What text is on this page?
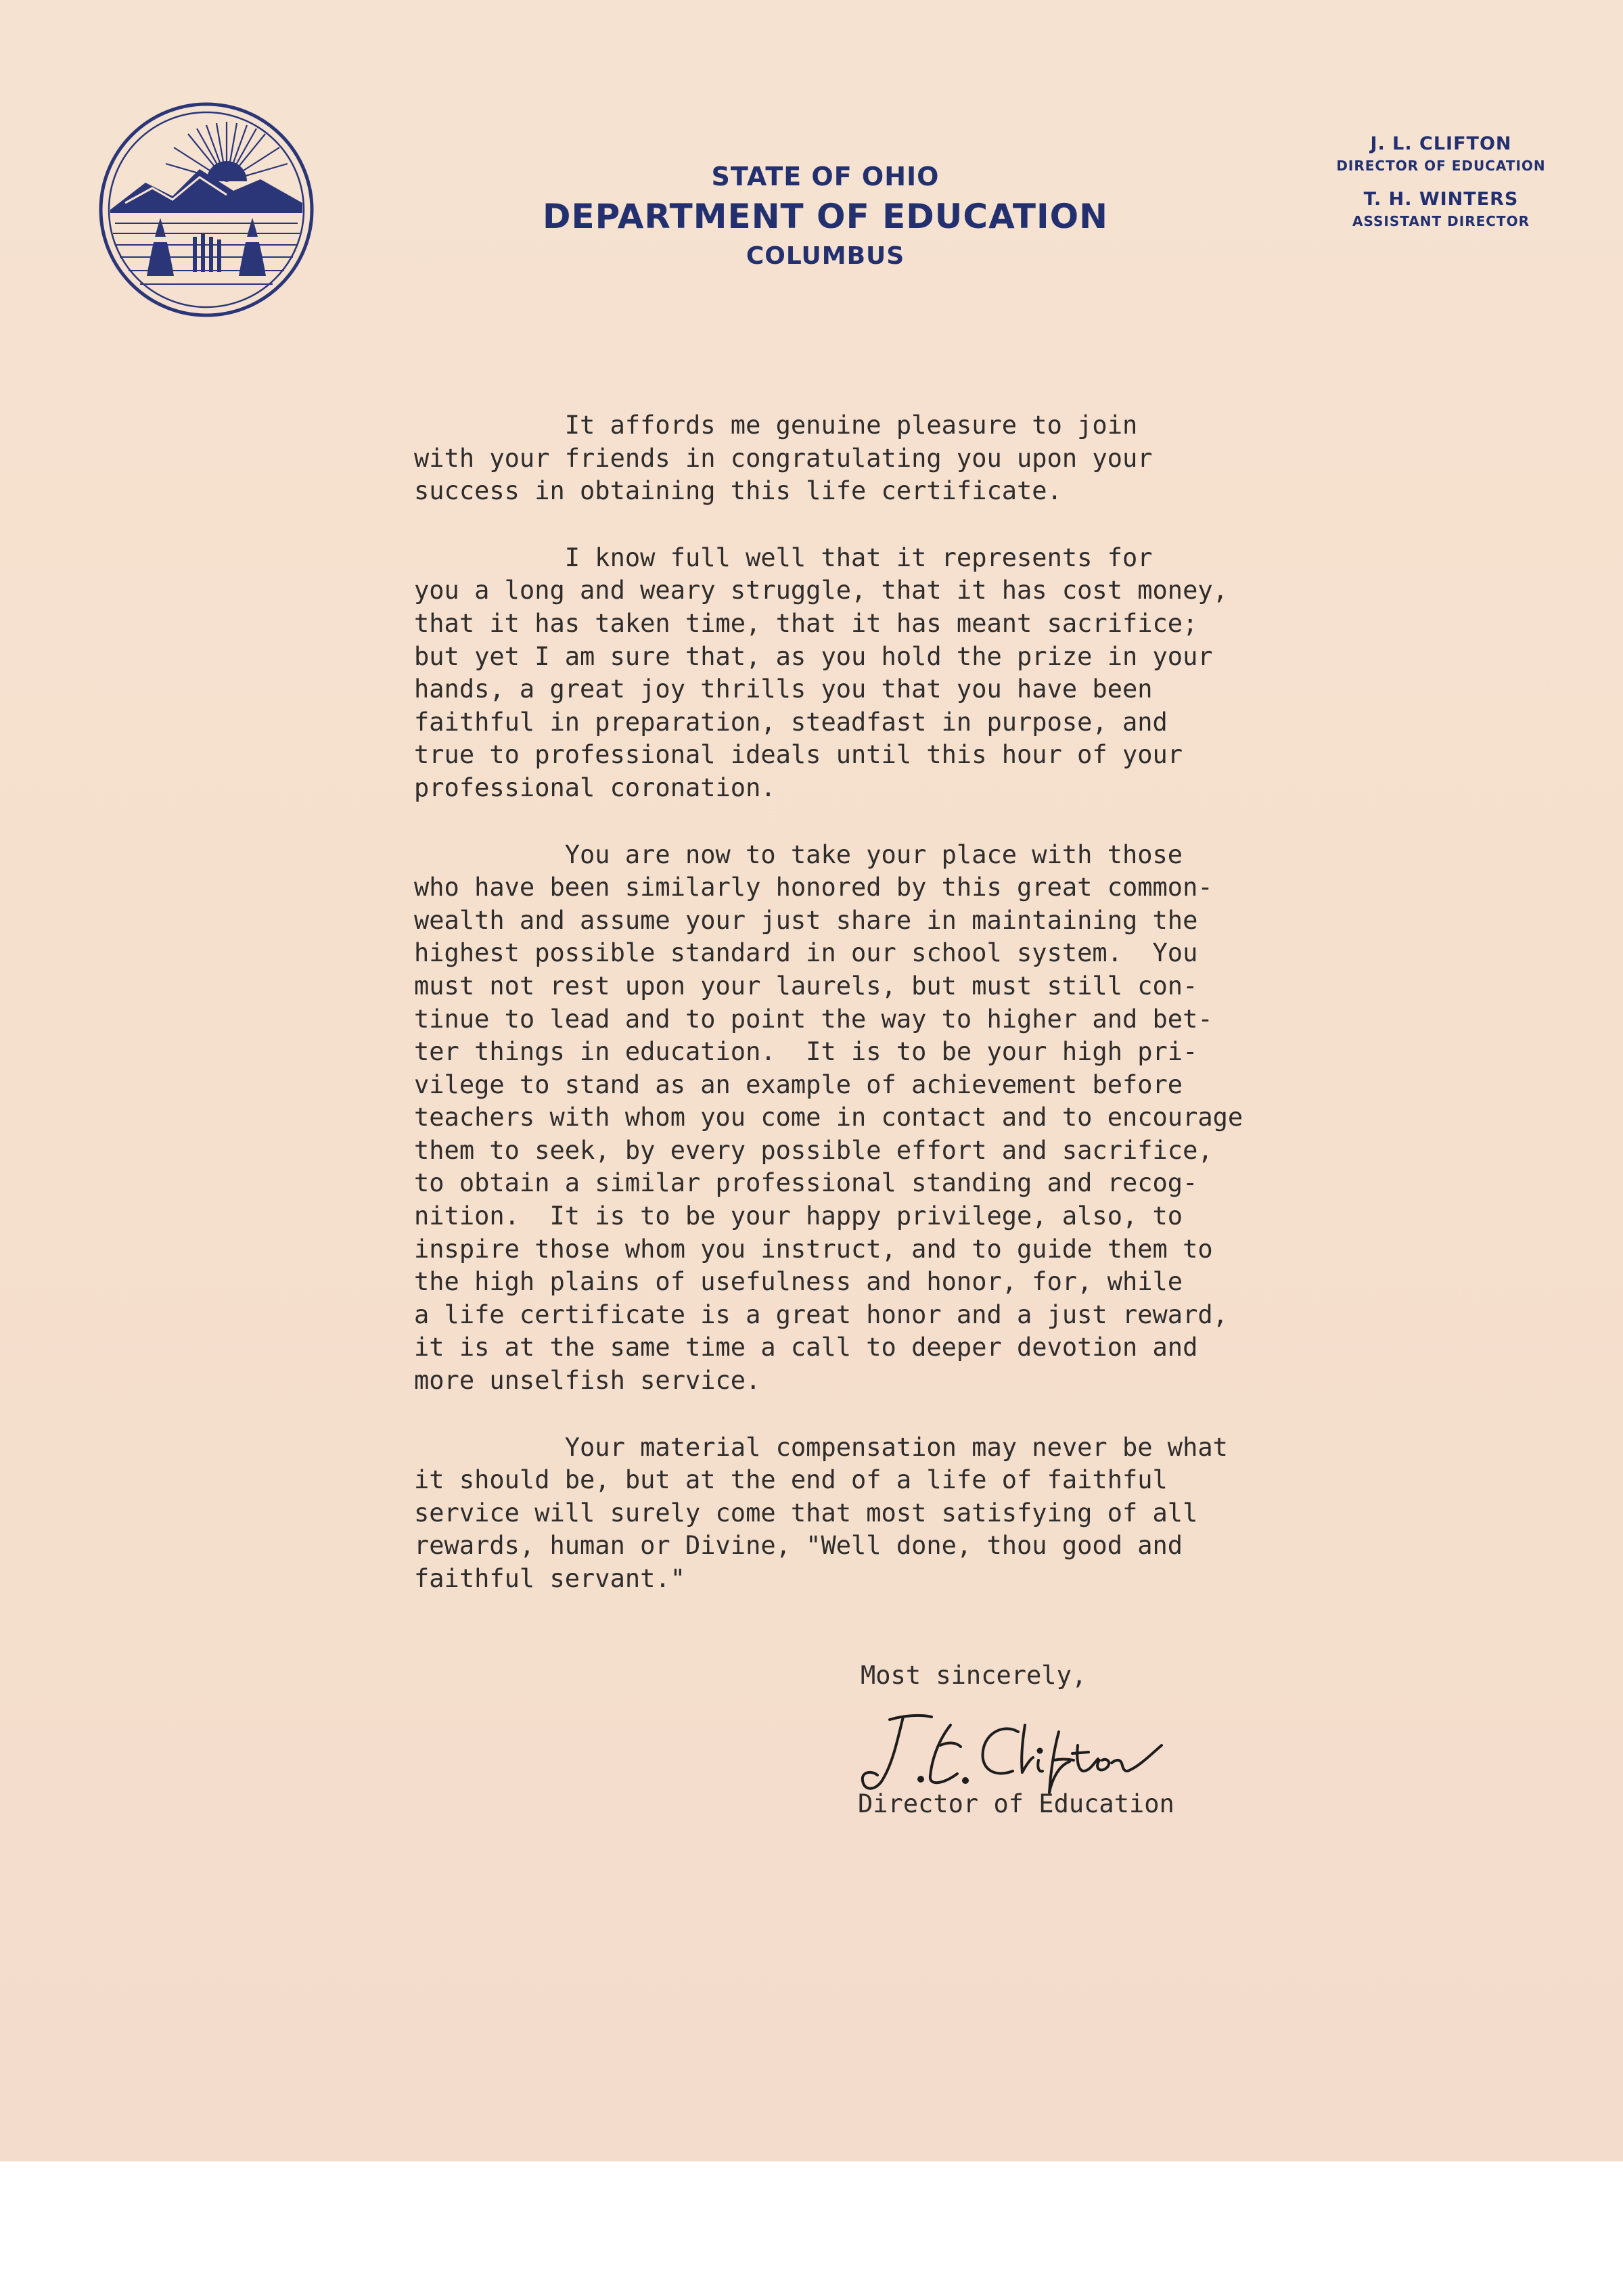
STATE OF OHIO
DEPARTMENT OF EDUCATION
COLUMBUS
J. L. CLIFTON
DIRECTOR OF EDUCATION
T. H. WINTERS
ASSISTANT DIRECTOR
It affords me genuine pleasure to join
with your friends in congratulating you upon your
success in obtaining this life certificate.
I know full well that it represents for
you a long and weary struggle, that it has cost money,
that it has taken time, that it has meant sacrifice;
but yet I am sure that, as you hold the prize in your
hands, a great joy thrills you that you have been
faithful in preparation, steadfast in purpose, and
true to professional ideals until this hour of your
professional coronation.
You are now to take your place with those
who have been similarly honored by this great common-
wealth and assume your just share in maintaining the
highest possible standard in our school system.  You
must not rest upon your laurels, but must still con-
tinue to lead and to point the way to higher and bet-
ter things in education.  It is to be your high pri-
vilege to stand as an example of achievement before
teachers with whom you come in contact and to encourage
them to seek, by every possible effort and sacrifice,
to obtain a similar professional standing and recog-
nition.  It is to be your happy privilege, also, to
inspire those whom you instruct, and to guide them to
the high plains of usefulness and honor, for, while
a life certificate is a great honor and a just reward,
it is at the same time a call to deeper devotion and
more unselfish service.
Your material compensation may never be what
it should be, but at the end of a life of faithful
service will surely come that most satisfying of all
rewards, human or Divine, "Well done, thou good and
faithful servant."
Most sincerely,
Director of Education
